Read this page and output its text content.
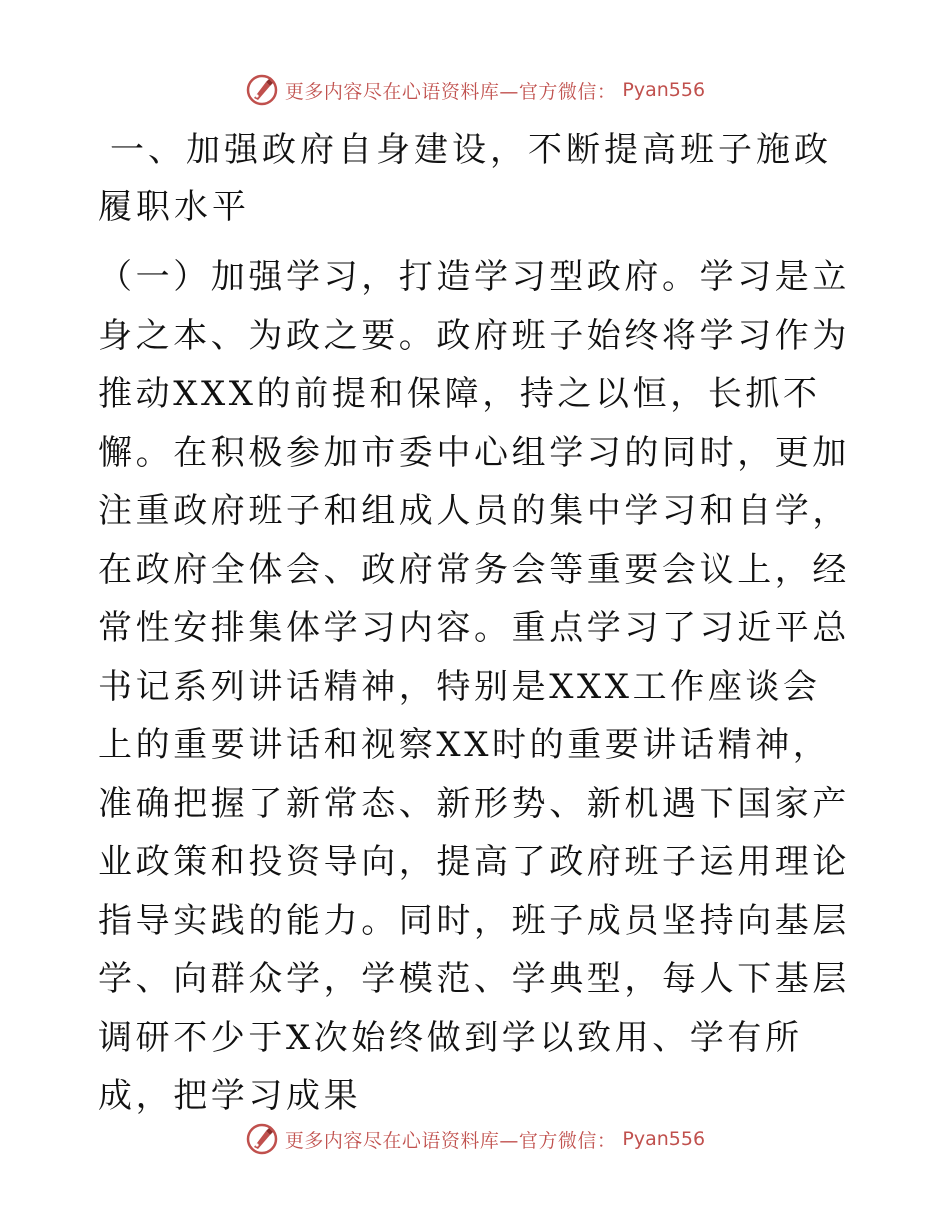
更多内容尽在心语资料库—官方微信： Pyan556
一、加强政府自身建设，不断提高班子施政履职水平

（一）加强学习，打造学习型政府。学习是立身之本、为政之要。政府班子始终将学习作为推动XXX的前提和保障，持之以恒，长抓不懈。在积极参加市委中心组学习的同时，更加注重政府班子和组成人员的集中学习和自学，在政府全体会、政府常务会等重要会议上，经常性安排集体学习内容。重点学习了习近平总书记系列讲话精神，特别是XXX工作座谈会上的重要讲话和视察XX时的重要讲话精神，准确把握了新常态、新形势、新机遇下国家产业政策和投资导向，提高了政府班子运用理论指导实践的能力。同时，班子成员坚持向基层学、向群众学，学模范、学典型，每人下基层调研不少于X次始终做到学以致用、学有所成，把学习成果

更多内容尽在心语资料库—官方微信： Pyan556
